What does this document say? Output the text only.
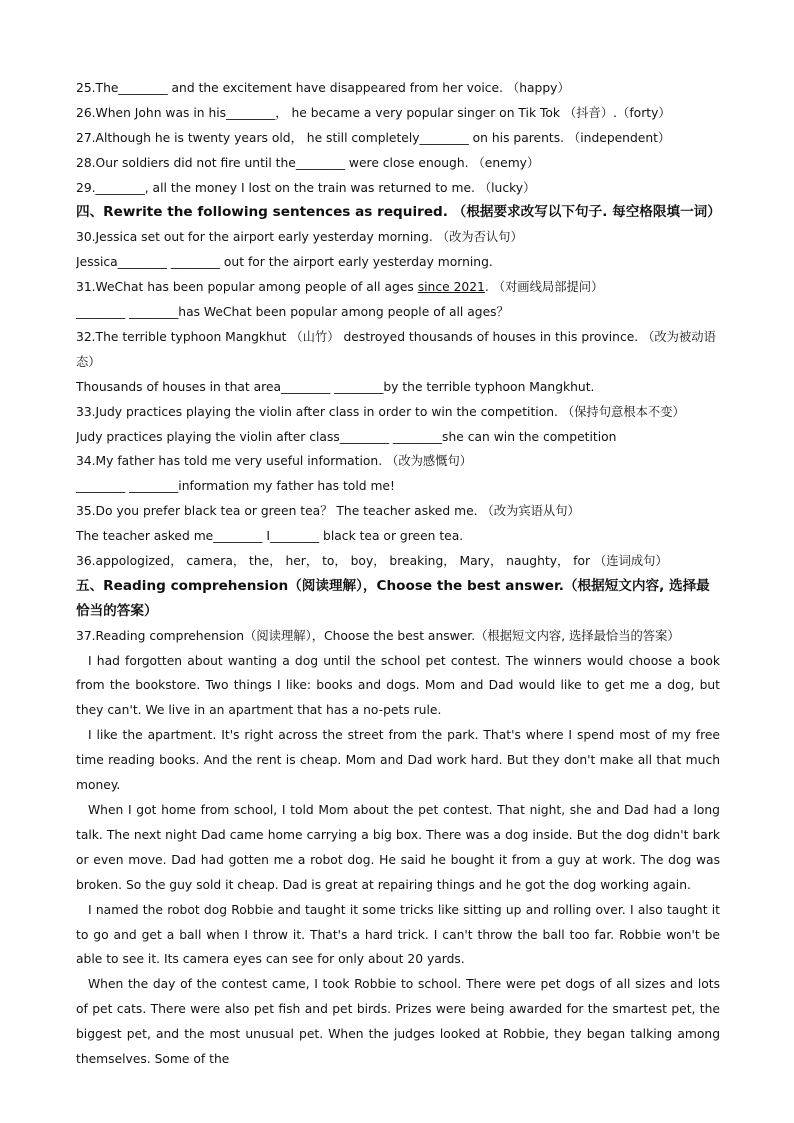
25.The________ and the excitement have disappeared from her voice. （happy）
26.When John was in his________， he became a very popular singer on Tik Tok （抖音）.（forty）
27.Although he is twenty years old， he still completely________ on his parents. （independent）
28.Our soldiers did not fire until the________ were close enough. （enemy）
29.________, all the money I lost on the train was returned to me. （lucky）
四、Rewrite the following sentences as required. （根据要求改写以下句子. 每空格限填一词）
30.Jessica set out for the airport early yesterday morning. （改为否认句）
Jessica________ ________ out for the airport early yesterday morning.
31.WeChat has been popular among people of all ages since 2021. （对画线局部提问）
________ ________has WeChat been popular among people of all ages？
32.The terrible typhoon Mangkhut （山竹） destroyed thousands of houses in this province. （改为被动语态）
Thousands of houses in that area________ ________by the terrible typhoon Mangkhut.
33.Judy practices playing the violin after class in order to win the competition. （保持句意根本不变）
Judy practices playing the violin after class________ ________she can win the competition
34.My father has told me very useful information. （改为感慨句）
________ ________information my father has told me!
35.Do you prefer black tea or green tea？ The teacher asked me. （改为宾语从句）
The teacher asked me________ I________ black tea or green tea.
36.appologized， camera， the， her， to， boy， breaking， Mary， naughty， for （连词成句）
五、Reading comprehension（阅读理解），Choose the best answer.（根据短文内容, 选择最恰当的答案）
37.Reading comprehension（阅读理解），Choose the best answer.（根据短文内容, 选择最恰当的答案）
I had forgotten about wanting a dog until the school pet contest. The winners would choose a book from the bookstore. Two things I like: books and dogs. Mom and Dad would like to get me a dog, but they can't. We live in an apartment that has a no-pets rule.
I like the apartment. It's right across the street from the park. That's where I spend most of my free time reading books. And the rent is cheap. Mom and Dad work hard. But they don't make all that much money.
When I got home from school, I told Mom about the pet contest. That night, she and Dad had a long talk. The next night Dad came home carrying a big box. There was a dog inside. But the dog didn't bark or even move. Dad had gotten me a robot dog. He said he bought it from a guy at work. The dog was broken. So the guy sold it cheap. Dad is great at repairing things and he got the dog working again.
I named the robot dog Robbie and taught it some tricks like sitting up and rolling over. I also taught it to go and get a ball when I throw it. That's a hard trick. I can't throw the ball too far. Robbie won't be able to see it. Its camera eyes can see for only about 20 yards.
When the day of the contest came, I took Robbie to school. There were pet dogs of all sizes and lots of pet cats. There were also pet fish and pet birds. Prizes were being awarded for the smartest pet, the biggest pet, and the most unusual pet. When the judges looked at Robbie, they began talking among themselves. Some of the
